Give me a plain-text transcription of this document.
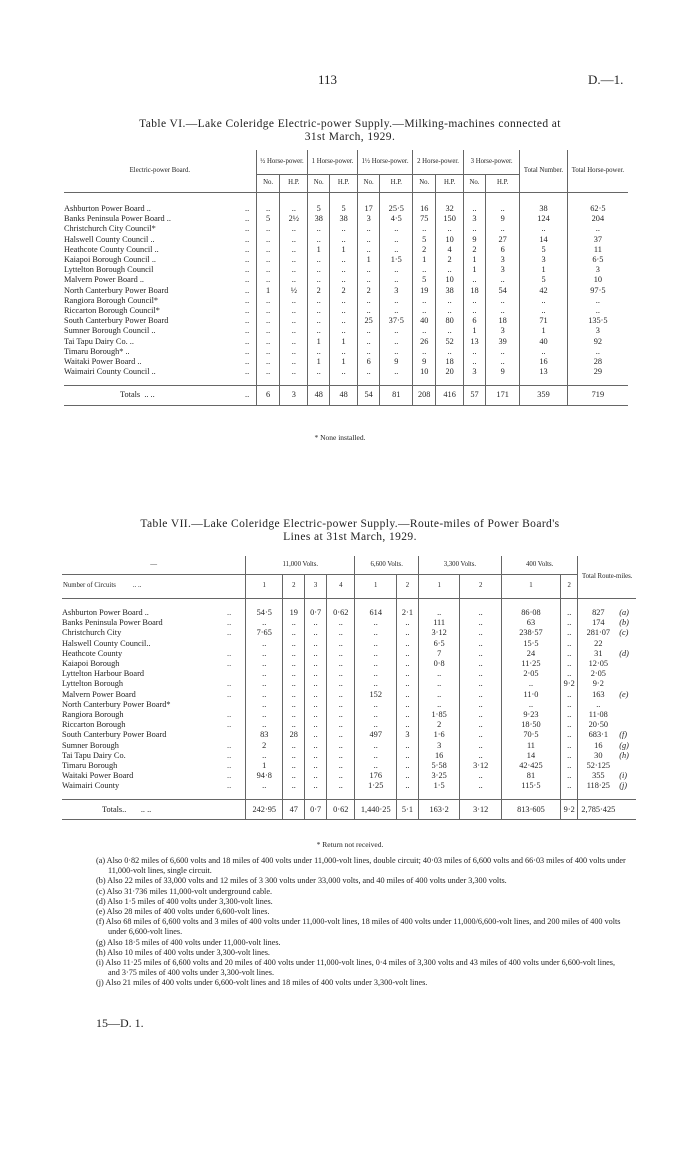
113	D.—1.
Table VI.—Lake Coleridge Electric-power Supply.—Milking-machines connected at
31st March, 1929.
Electric-power Board.		½ Horse-power.		1 Horse-power.		1½ Horse-power.		2 Horse-power.		3 Horse-power.		Total Number.	Total Horse-power.
		No.	H.P.	No.	H.P.	No.	H.P.	No.	H.P.	No.	H.P.		

Ashburton Power Board ..	..	..	..	5	5	17	25·5	16	32	..	..	38	62·5
Banks Peninsula Power Board ..	..	5	2½	38	38	3	4·5	75	150	3	9	124	204
Christchurch City Council*	..	..	..	..	..	..	..	..	..	..	..	..	..
Halswell County Council ..	..	..	..	..	..	..	..	5	10	9	27	14	37
Heathcote County Council ..	..	..	..	1	1	..	..	2	4	2	6	5	11
Kaiapoi Borough Council ..	..	..	..	..	..	1	1·5	1	2	1	3	3	6·5
Lyttelton Borough Council	..	..	..	..	..	..	..	..	..	1	3	1	3
Malvern Power Board ..	..	..	..	..	..	..	..	5	10	..	..	5	10
North Canterbury Power Board	..	1	½	2	2	2	3	19	38	18	54	42	97·5
Rangiora Borough Council*	..	..	..	..	..	..	..	..	..	..	..	..	..
Riccarton Borough Council*	..	..	..	..	..	..	..	..	..	..	..	..	..
South Canterbury Power Board	..	..	..	..	..	25	37·5	40	80	6	18	71	135·5
Sumner Borough Council ..	..	..	..	..	..	..	..	..	..	1	3	1	3
Tai Tapu Dairy Co. ..	..	..	..	1	1	..	..	26	52	13	39	40	92
Timaru Borough* ..	..	..	..	..	..	..	..	..	..	..	..	..	..
Waitaki Power Board ..	..	..	..	1	1	6	9	9	18	..	..	16	28
Waimairi County Council ..	..	..	..	..	..	..	..	10	20	3	9	13	29

Totals .. ..	..	6	3	48	48	54	81	208	416	57	171	359	719
* None installed.
Table VII.—Lake Coleridge Electric-power Supply.—Route-miles of Power Board's
Lines at 31st March, 1929.
—		11,000 Volts.				6,600 Volts.		3,300 Volts.		400 Volts.		Total Route-miles.	
Number of Circuits .. ..		1	2	3	4	1	2	1	2	1	2		

Ashburton Power Board ..	..	54·5	19	0·7	0·62	614	2·1	..	..	86·08	..	827	(a)
Banks Peninsula Power Board	..	..	..	..	..	..	..	111	..	63	..	174	(b)
Christchurch City	..	7·65	..	..	..	..	..	3·12	..	238·57	..	281·07	(c)
Halswell County Council..		..	..	..	..	..	..	6·5	..	15·5	..	22	
Heathcote County	..	..	..	..	..	..	..	7	..	24	..	31	(d)
Kaiapoi Borough	..	..	..	..	..	..	..	0·8	..	11·25	..	12·05	
Lyttelton Harbour Board		..	..	..	..	..	..	..	..	2·05	..	2·05	
Lyttelton Borough	..	..	..	..	..	..	..	..	..	..	9·2	9·2	
Malvern Power Board	..	..	..	..	..	152	..	..	..	11·0	..	163	(e)
North Canterbury Power Board*		..	..	..	..	..	..	..	..	..	..	..	
Rangiora Borough	..	..	..	..	..	..	..	1·85	..	9·23	..	11·08	
Riccarton Borough	..	..	..	..	..	..	..	2	..	18·50	..	20·50	
South Canterbury Power Board		83	28	..	..	497	3	1·6	..	70·5	..	683·1	(f)
Sumner Borough	..	2	..	..	..	..	..	3	..	11	..	16	(g)
Tai Tapu Dairy Co.	..	..	..	..	..	..	..	16	..	14	..	30	(h)
Timaru Borough	..	1	..	..	..	..	..	5·58	3·12	42·425	..	52·125	
Waitaki Power Board	..	94·8	..	..	..	176	..	3·25	..	81	..	355	(i)
Waimairi County	..	..	..	..	..	1·25	..	1·5	..	115·5	..	118·25	(j)

Totals.. .. ..		242·95	47	0·7	0·62	1,440·25	5·1	163·2	3·12	813·605	9·2	2,785·425	
* Return not received.
(a) Also 0·82 miles of 6,600 volts and 18 miles of 400 volts under 11,000-volt lines, double circuit; 40·03 miles of 6,600 volts and 66·03 miles of 400 volts under 11,000-volt lines, single circuit.
(b) Also 22 miles of 33,000 volts and 12 miles of 3 300 volts under 33,000 volts, and 40 miles of 400 volts under 3,300 volts.
(c) Also 31·736 miles 11,000-volt underground cable.
(d) Also 1·5 miles of 400 volts under 3,300-volt lines.
(e) Also 28 miles of 400 volts under 6,600-volt lines.
(f) Also 68 miles of 6,600 volts and 3 miles of 400 volts under 11,000-volt lines, 18 miles of 400 volts under 11,000/6,600-volt lines, and 200 miles of 400 volts under 6,600-volt lines.
(g) Also 18·5 miles of 400 volts under 11,000-volt lines.
(h) Also 10 miles of 400 volts under 3,300-volt lines.
(i) Also 11·25 miles of 6,600 volts and 20 miles of 400 volts under 11,000-volt lines, 0·4 miles of 3,300 volts and 43 miles of 400 volts under 6,600-volt lines, and 3·75 miles of 400 volts under 3,300-volt lines.
(j) Also 21 miles of 400 volts under 6,600-volt lines and 18 miles of 400 volts under 3,300-volt lines.
15—D. 1.
